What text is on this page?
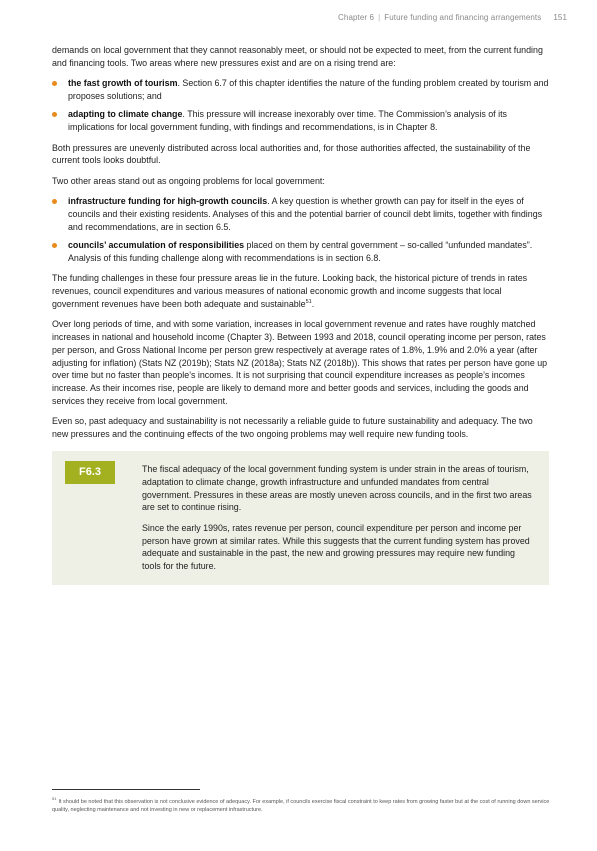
Chapter 6 | Future funding and financing arrangements 151

demands on local government that they cannot reasonably meet, or should not be expected to meet, from the current funding and financing tools. Two areas where new pressures exist and are on a rising trend are:

the fast growth of tourism. Section 6.7 of this chapter identifies the nature of the funding problem created by tourism and proposes solutions; and
adapting to climate change. This pressure will increase inexorably over time. The Commission’s analysis of its implications for local government funding, with findings and recommendations, is in Chapter 8.

Both pressures are unevenly distributed across local authorities and, for those authorities affected, the sustainability of the current tools looks doubtful.

Two other areas stand out as ongoing problems for local government:

infrastructure funding for high-growth councils. A key question is whether growth can pay for itself in the eyes of councils and their existing residents. Analyses of this and the potential barrier of council debt limits, together with findings and recommendations, are in section 6.5.
councils’ accumulation of responsibilities placed on them by central government – so-called “unfunded mandates”. Analysis of this funding challenge along with recommendations is in section 6.8.

The funding challenges in these four pressure areas lie in the future. Looking back, the historical picture of trends in rates revenues, council expenditures and various measures of national economic growth and income suggests that local government revenues have been both adequate and sustainable$^{51}$.

Over long periods of time, and with some variation, increases in local government revenue and rates have roughly matched increases in national and household income (Chapter 3). Between 1993 and 2018, council operating income per person, rates per person, and Gross National Income per person grew respectively at average rates of 1.8%, 1.9% and 2.0% a year (after adjusting for inflation) (Stats NZ (2019b); Stats NZ (2018a); Stats NZ (2018b)). This shows that rates per person have gone up over time but no faster than people’s incomes. It is not surprising that council expenditure increases as people’s incomes increase. As their incomes rise, people are likely to demand more and better goods and services, including the goods and services they receive from local government.

Even so, past adequacy and sustainability is not necessarily a reliable guide to future sustainability and adequacy. The two new pressures and the continuing effects of the two ongoing problems may well require new funding tools.

F6.3	The fiscal adequacy of the local government funding system is under strain in the areas of tourism, adaptation to climate change, growth infrastructure and unfunded mandates from central government. Pressures in these areas are mostly uneven across councils, and in the first two areas are set to continue rising.

Since the early 1990s, rates revenue per person, council expenditure per person and income per person have grown at similar rates. While this suggests that the current funding system has proved adequate and sustainable in the past, the new and growing pressures may require new funding tools for the future.

$^{51}$It should be noted that this observation is not conclusive evidence of adequacy. For example, if councils exercise fiscal constraint to keep rates from growing faster but at the cost of running down service quality, neglecting maintenance and not investing in new or replacement infrastructure.
